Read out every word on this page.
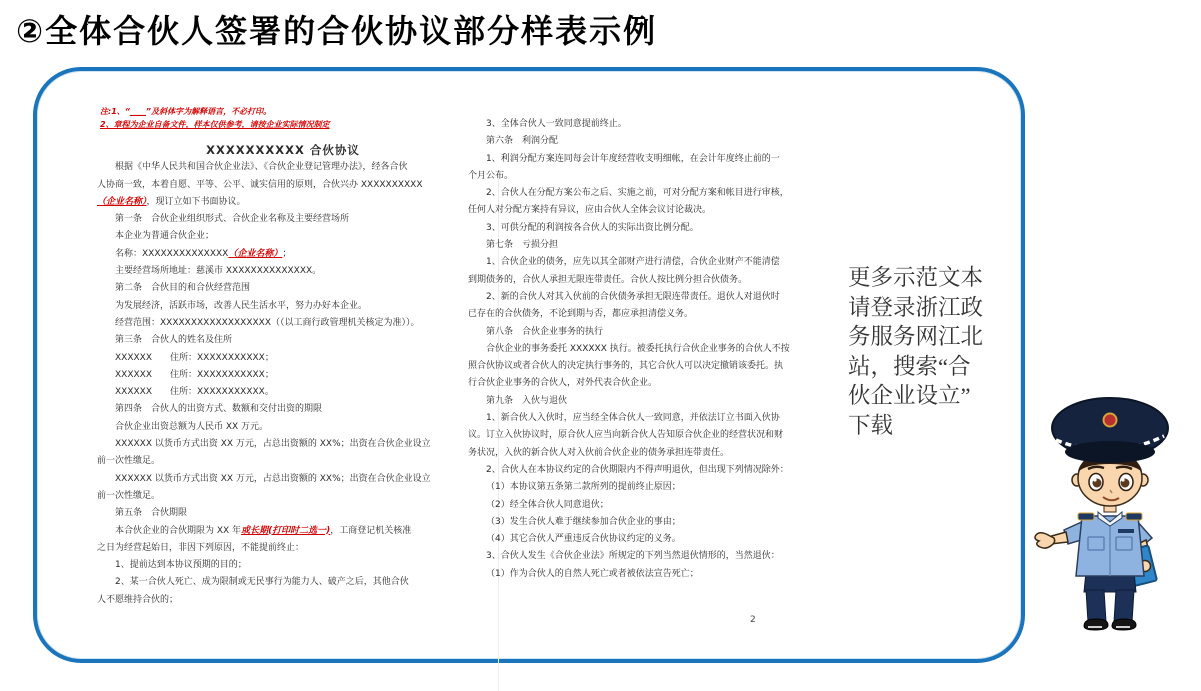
②全体合伙人签署的合伙协议部分样表示例
注:1、“____”及斜体字为解释语言，不必打印。
2、章程为企业自备文件，样本仅供参考，请按企业实际情况制定
XXXXXXXXXX 合伙协议
根据《中华人民共和国合伙企业法》、《合伙企业登记管理办法》，经各合伙
人协商一致，本着自愿、平等、公平、诚实信用的原则，合伙兴办 XXXXXXXXXX
（企业名称），现订立如下书面协议。
第一条　合伙企业组织形式、合伙企业名称及主要经营场所
本企业为普通合伙企业；
名称：XXXXXXXXXXXXXX（企业名称）；
主要经营场所地址：慈溪市 XXXXXXXXXXXXXX。
第二条　合伙目的和合伙经营范围
为发展经济，活跃市场，改善人民生活水平，努力办好本企业。
经营范围：XXXXXXXXXXXXXXXXXX（（以工商行政管理机关核定为准））。
第三条　合伙人的姓名及住所
XXXXXX　　住所：XXXXXXXXXXX；
XXXXXX　　住所：XXXXXXXXXXX；
XXXXXX　　住所：XXXXXXXXXXX。
第四条　合伙人的出资方式、数额和交付出资的期限
合伙企业出资总额为人民币 XX 万元。
XXXXXX 以货币方式出资 XX 万元，占总出资额的 XX%；出资在合伙企业设立
前一次性缴足。
XXXXXX 以货币方式出资 XX 万元，占总出资额的 XX%；出资在合伙企业设立
前一次性缴足。
第五条　合伙期限
本合伙企业的合伙期限为 XX 年或长期(打印时二选一)，工商登记机关核准
之日为经营起始日，非因下列原因，不能提前终止：
1、提前达到本协议预期的目的；
2、某一合伙人死亡、成为限制或无民事行为能力人、破产之后，其他合伙
人不愿维持合伙的；
3、全体合伙人一致同意提前终止。
第六条　利润分配
1、利润分配方案连同每会计年度经营收支明细帐，在会计年度终止前的一
个月公布。
2、合伙人在分配方案公布之后、实施之前，可对分配方案和帐目进行审核，
任何人对分配方案持有异议，应由合伙人全体会议讨论裁决。
3、可供分配的利润按各合伙人的实际出资比例分配。
第七条　亏损分担
1、合伙企业的债务，应先以其全部财产进行清偿，合伙企业财产不能清偿
到期债务的，合伙人承担无限连带责任。合伙人按比例分担合伙债务。
2、新的合伙人对其入伙前的合伙债务承担无限连带责任。退伙人对退伙时
已存在的合伙债务，不论到期与否，都应承担清偿义务。
第八条　合伙企业事务的执行
合伙企业的事务委托 XXXXXX 执行。被委托执行合伙企业事务的合伙人不按
照合伙协议或者合伙人的决定执行事务的，其它合伙人可以决定撤销该委托。执
行合伙企业事务的合伙人，对外代表合伙企业。
第九条　入伙与退伙
1、新合伙人入伙时，应当经全体合伙人一致同意，并依法订立书面入伙协
议。订立入伙协议时，原合伙人应当向新合伙人告知原合伙企业的经营状况和财
务状况，入伙的新合伙人对入伙前合伙企业的债务承担连带责任。
2、合伙人在本协议约定的合伙期限内不得声明退伙，但出现下列情况除外：
（1）本协议第五条第二款所列的提前终止原因；
（2）经全体合伙人同意退伙；
（3）发生合伙人难于继续参加合伙企业的事由；
（4）其它合伙人严重违反合伙协议约定的义务。
3、合伙人发生《合伙企业法》所规定的下列当然退伙情形的，当然退伙：
（1）作为合伙人的自然人死亡或者被依法宣告死亡；
2
更多示范文本
请登录浙江政
务服务网江北
站，搜索“合
伙企业设立”
下载
